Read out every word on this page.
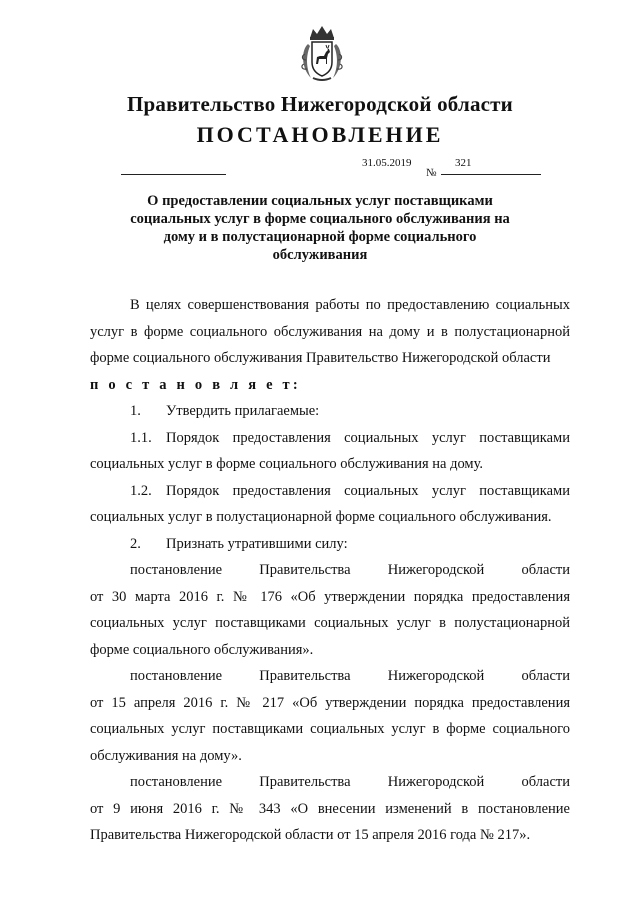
Правительство Нижегородской области
ПОСТАНОВЛЕНИЕ
31.05.2019
№
321

О предоставлении социальных услуг поставщиками социальных услуг в форме социального обслуживания на дому и в полустационарной форме социального обслуживания

В целях совершенствования работы по предоставлению социальных услуг в форме социального обслуживания на дому и в полустационарной форме социального обслуживания Правительство Нижегородской области

п о с т а н о в л я е т:

1. Утвердить прилагаемые:

1.1. Порядок предоставления социальных услуг поставщиками социальных услуг в форме социального обслуживания на дому.

1.2. Порядок предоставления социальных услуг поставщиками социальных услуг в полустационарной форме социального обслуживания.

2. Признать утратившими силу:

постановление Правительства Нижегородской области

от 30 марта 2016 г. № 176 «Об утверждении порядка предоставления социальных услуг поставщиками социальных услуг в полустационарной форме социального обслуживания».

постановление Правительства Нижегородской области

от 15 апреля 2016 г. № 217 «Об утверждении порядка предоставления социальных услуг поставщиками социальных услуг в форме социального обслуживания на дому».

постановление Правительства Нижегородской области

от 9 июня 2016 г. № 343 «О внесении изменений в постановление Правительства Нижегородской области от 15 апреля 2016 года № 217».
